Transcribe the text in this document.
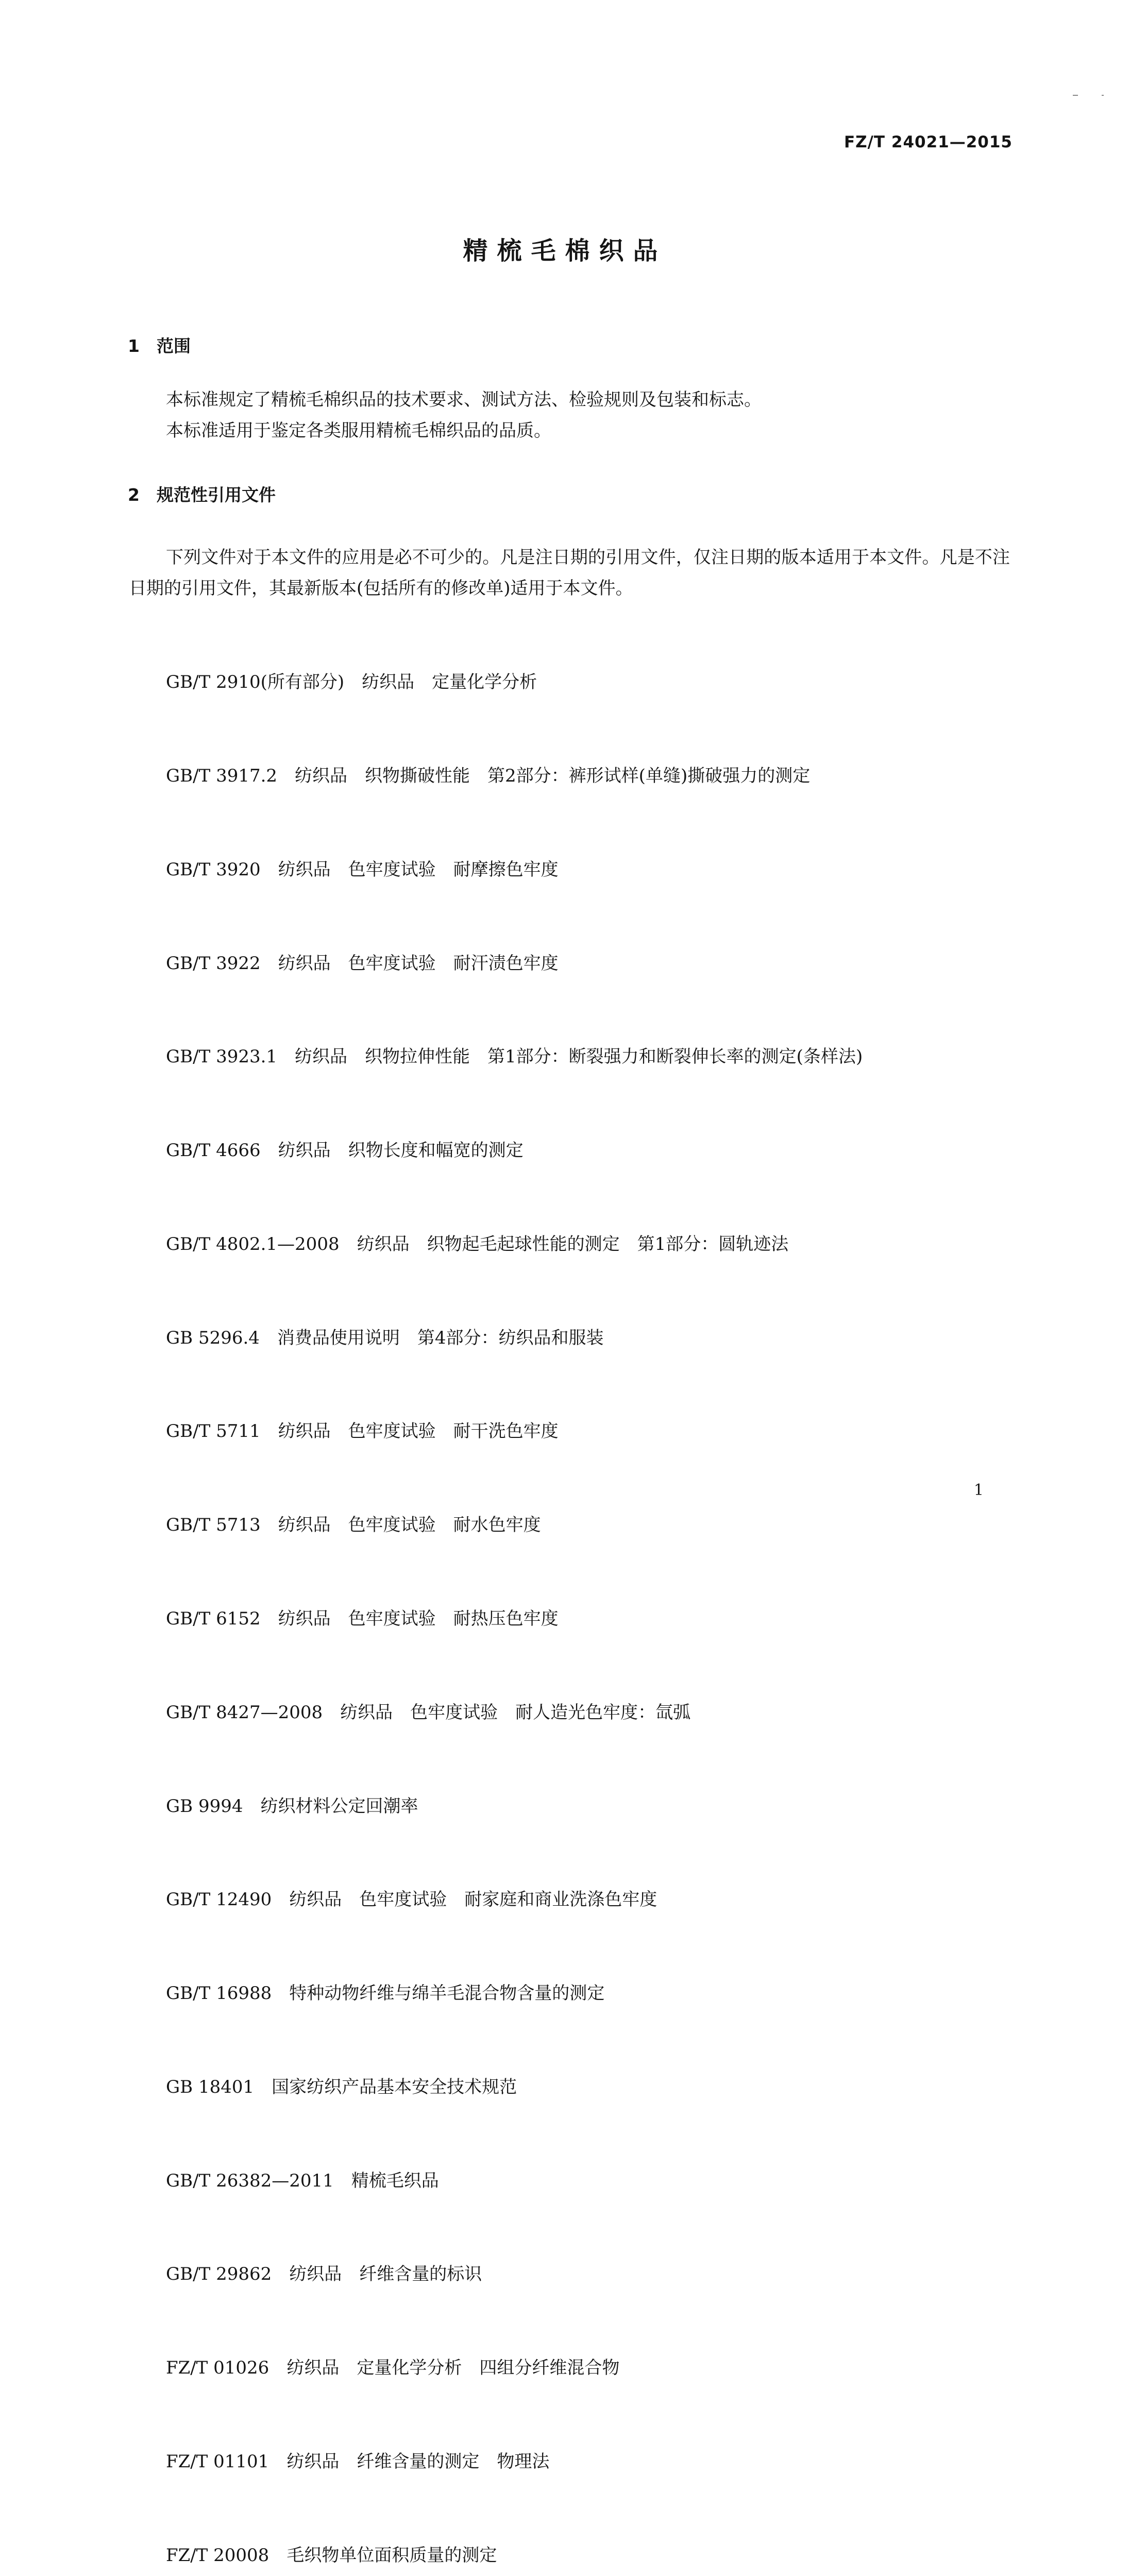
FZ/T 24021—2015
精梳毛棉织品
1 范围
本标准规定了精梳毛棉织品的技术要求、测试方法、检验规则及包装和标志。
本标准适用于鉴定各类服用精梳毛棉织品的品质。
2 规范性引用文件
下列文件对于本文件的应用是必不可少的。凡是注日期的引用文件，仅注日期的版本适用于本文件。凡是不注日期的引用文件，其最新版本(包括所有的修改单)适用于本文件。

GB/T 2910(所有部分)　纺织品　定量化学分析

GB/T 3917.2　纺织品　织物撕破性能　第2部分：裤形试样(单缝)撕破强力的测定

GB/T 3920　纺织品　色牢度试验　耐摩擦色牢度

GB/T 3922　纺织品　色牢度试验　耐汗渍色牢度

GB/T 3923.1　纺织品　织物拉伸性能　第1部分：断裂强力和断裂伸长率的测定(条样法)

GB/T 4666　纺织品　织物长度和幅宽的测定

GB/T 4802.1—2008　纺织品　织物起毛起球性能的测定　第1部分：圆轨迹法

GB 5296.4　消费品使用说明　第4部分：纺织品和服装

GB/T 5711　纺织品　色牢度试验　耐干洗色牢度

GB/T 5713　纺织品　色牢度试验　耐水色牢度

GB/T 6152　纺织品　色牢度试验　耐热压色牢度

GB/T 8427—2008　纺织品　色牢度试验　耐人造光色牢度：氙弧

GB 9994　纺织材料公定回潮率

GB/T 12490　纺织品　色牢度试验　耐家庭和商业洗涤色牢度

GB/T 16988　特种动物纤维与绵羊毛混合物含量的测定

GB 18401　国家纺织产品基本安全技术规范

GB/T 26382—2011　精梳毛织品

GB/T 29862　纺织品　纤维含量的标识

FZ/T 01026　纺织品　定量化学分析　四组分纤维混合物

FZ/T 01101　纺织品　纤维含量的测定　物理法

FZ/T 20008　毛织物单位面积质量的测定

1
